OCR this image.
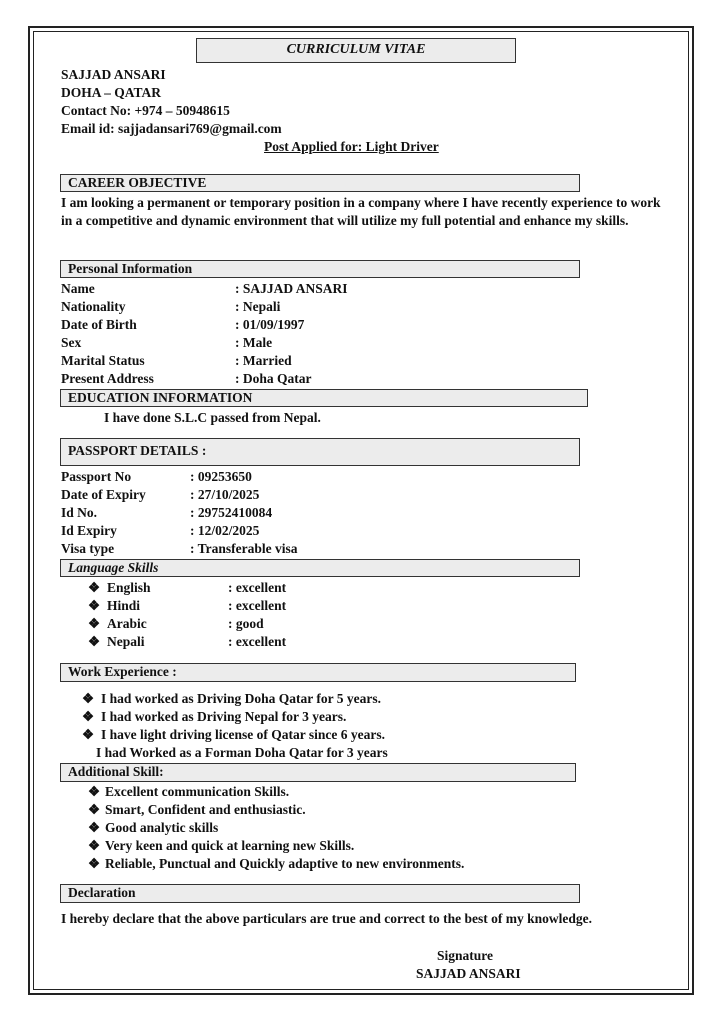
CURRICULUM VITAE
SAJJAD ANSARI
DOHA – QATAR
Contact No: +974 – 50948615
Email id: sajjadansari769@gmail.com
Post Applied for: Light Driver
CAREER OBJECTIVE
I am looking a permanent or temporary position in a company where I have recently experience to work in a competitive and dynamic environment that will utilize my full potential and enhance my skills.
Personal Information
Name	: SAJJAD ANSARI
Nationality	: Nepali
Date of Birth	: 01/09/1997
Sex	: Male
Marital Status	: Married
Present Address	: Doha Qatar
EDUCATION INFORMATION
I have done S.L.C passed from Nepal.
PASSPORT DETAILS :
Passport No	: 09253650
Date of Expiry	: 27/10/2025
Id No.	: 29752410084
Id Expiry	: 12/02/2025
Visa type	: Transferable visa
Language Skills
❖ English	: excellent
❖ Hindi	: excellent
❖ Arabic	: good
❖ Nepali	: excellent
Work Experience :
❖ I had worked as Driving Doha Qatar for 5 years.
❖ I had worked as Driving Nepal for 3 years.
❖ I have light driving license of Qatar since 6 years.
I had Worked as a Forman Doha Qatar for 3 years
Additional Skill:
❖ Excellent communication Skills.
❖ Smart, Confident and enthusiastic.
❖ Good analytic skills
❖ Very keen and quick at learning new Skills.
❖ Reliable, Punctual and Quickly adaptive to new environments.
Declaration
I hereby declare that the above particulars are true and correct to the best of my knowledge.
Signature
SAJJAD ANSARI
